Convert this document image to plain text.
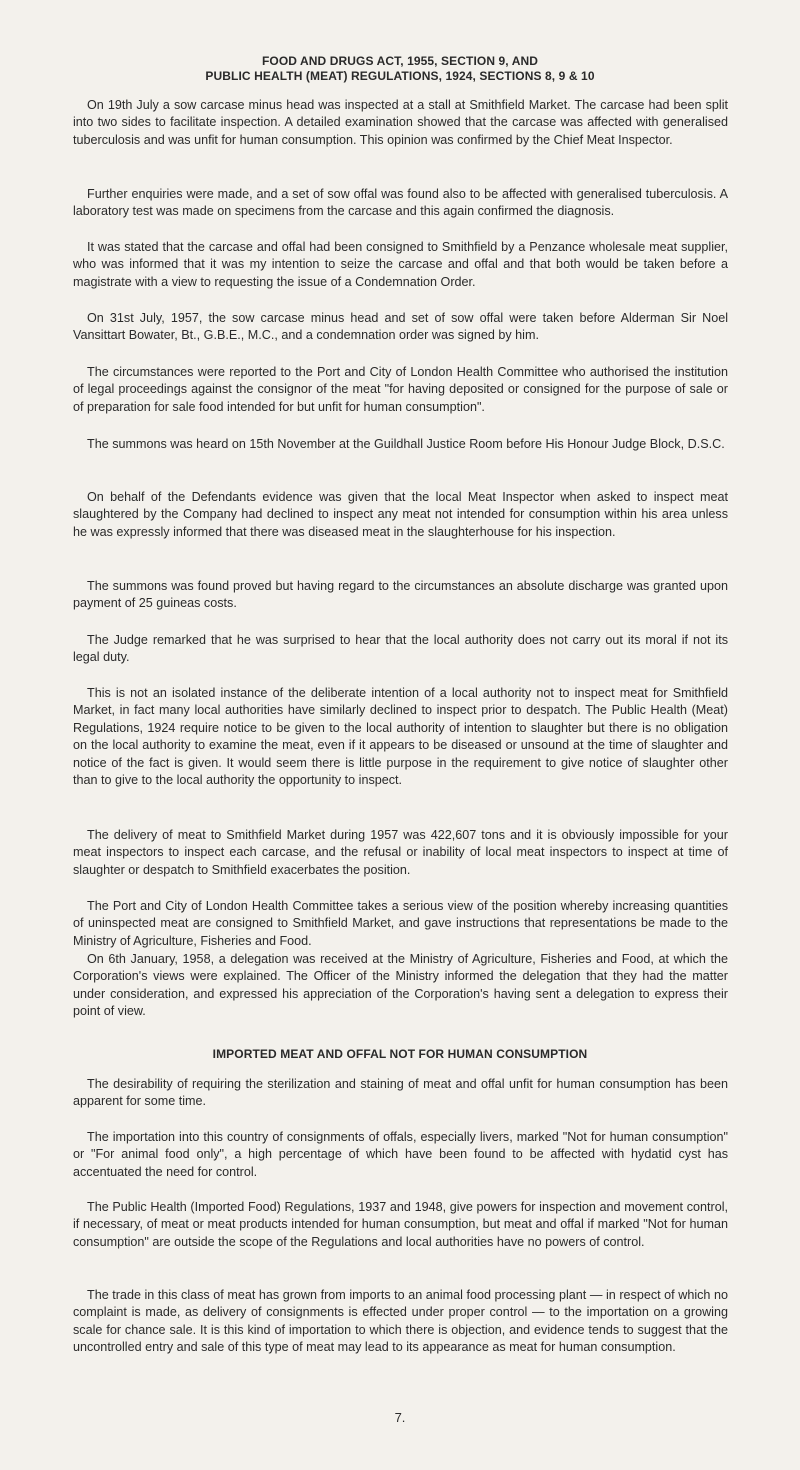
FOOD AND DRUGS ACT, 1955, SECTION 9, AND

PUBLIC HEALTH (MEAT) REGULATIONS, 1924, SECTIONS 8, 9 & 10

On 19th July a sow carcase minus head was inspected at a stall at Smithfield Market. The carcase had been split into two sides to facilitate inspection. A detailed examination showed that the carcase was affected with generalised tuberculosis and was unfit for human consumption. This opinion was confirmed by the Chief Meat Inspector.

Further enquiries were made, and a set of sow offal was found also to be affected with generalised tuberculosis. A laboratory test was made on specimens from the carcase and this again confirmed the diagnosis.

It was stated that the carcase and offal had been consigned to Smithfield by a Penzance wholesale meat supplier, who was informed that it was my intention to seize the carcase and offal and that both would be taken before a magistrate with a view to requesting the issue of a Condemnation Order.

On 31st July, 1957, the sow carcase minus head and set of sow offal were taken before Alderman Sir Noel Vansittart Bowater, Bt., G.B.E., M.C., and a condemnation order was signed by him.

The circumstances were reported to the Port and City of London Health Committee who authorised the institution of legal proceedings against the consignor of the meat "for having deposited or consigned for the purpose of sale or of preparation for sale food intended for but unfit for human consumption".

The summons was heard on 15th November at the Guildhall Justice Room before His Honour Judge Block, D.S.C.

On behalf of the Defendants evidence was given that the local Meat Inspector when asked to inspect meat slaughtered by the Company had declined to inspect any meat not intended for consumption within his area unless he was expressly informed that there was diseased meat in the slaughterhouse for his inspection.

The summons was found proved but having regard to the circumstances an absolute discharge was granted upon payment of 25 guineas costs.

The Judge remarked that he was surprised to hear that the local authority does not carry out its moral if not its legal duty.

This is not an isolated instance of the deliberate intention of a local authority not to inspect meat for Smithfield Market, in fact many local authorities have similarly declined to inspect prior to despatch. The Public Health (Meat) Regulations, 1924 require notice to be given to the local authority of intention to slaughter but there is no obligation on the local authority to examine the meat, even if it appears to be diseased or unsound at the time of slaughter and notice of the fact is given. It would seem there is little purpose in the requirement to give notice of slaughter other than to give to the local authority the opportunity to inspect.

The delivery of meat to Smithfield Market during 1957 was 422,607 tons and it is obviously impossible for your meat inspectors to inspect each carcase, and the refusal or inability of local meat inspectors to inspect at time of slaughter or despatch to Smithfield exacerbates the position.

The Port and City of London Health Committee takes a serious view of the position whereby increasing quantities of uninspected meat are consigned to Smithfield Market, and gave instructions that representations be made to the Ministry of Agriculture, Fisheries and Food.

On 6th January, 1958, a delegation was received at the Ministry of Agriculture, Fisheries and Food, at which the Corporation's views were explained. The Officer of the Ministry informed the delegation that they had the matter under consideration, and expressed his appreciation of the Corporation's having sent a delegation to express their point of view.

IMPORTED MEAT AND OFFAL NOT FOR HUMAN CONSUMPTION

The desirability of requiring the sterilization and staining of meat and offal unfit for human consumption has been apparent for some time.

The importation into this country of consignments of offals, especially livers, marked "Not for human consumption" or "For animal food only", a high percentage of which have been found to be affected with hydatid cyst has accentuated the need for control.

The Public Health (Imported Food) Regulations, 1937 and 1948, give powers for inspection and movement control, if necessary, of meat or meat products intended for human consumption, but meat and offal if marked "Not for human consumption" are outside the scope of the Regulations and local authorities have no powers of control.

The trade in this class of meat has grown from imports to an animal food processing plant — in respect of which no complaint is made, as delivery of consignments is effected under proper control — to the importation on a growing scale for chance sale. It is this kind of importation to which there is objection, and evidence tends to suggest that the uncontrolled entry and sale of this type of meat may lead to its appearance as meat for human consumption.

7.
